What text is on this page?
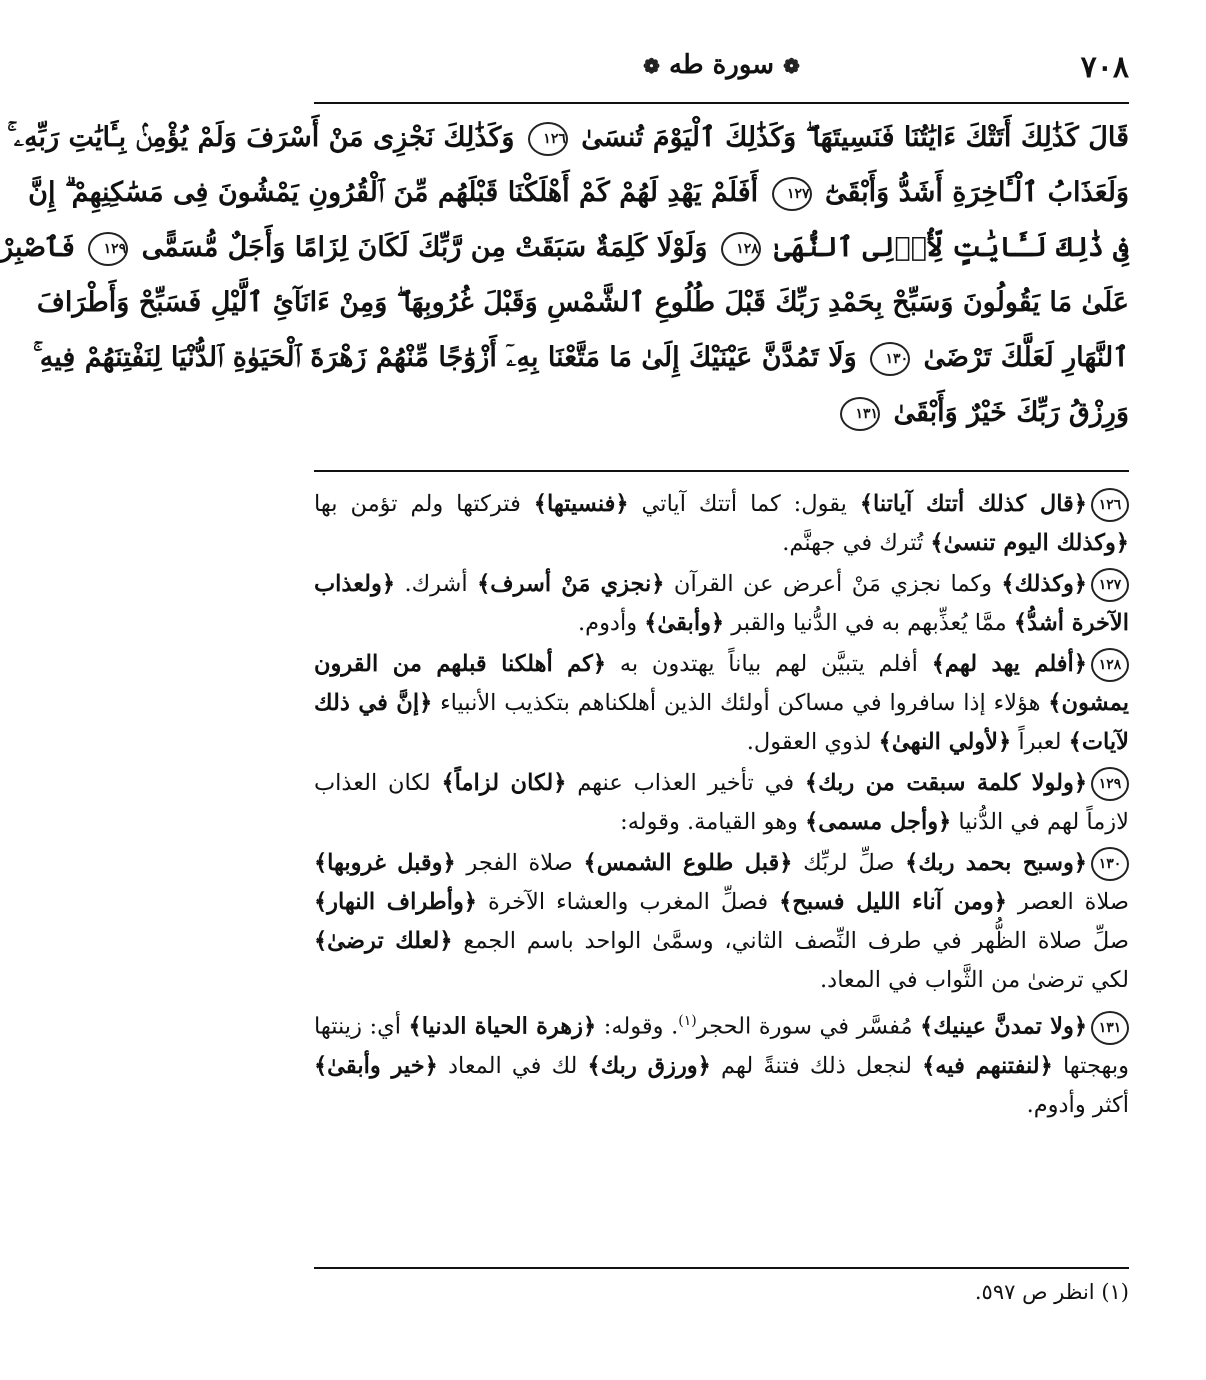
٧٠٨
❁ سورة طه ❁
قَالَ كَذَٰلِكَ أَتَتْكَ ءَايَٰتُنَا فَنَسِيتَهَا ۖ وَكَذَٰلِكَ ٱلْيَوْمَ تُنسَىٰ ١٢٦ وَكَذَٰلِكَ نَجْزِى مَنْ أَسْرَفَ وَلَمْ يُؤْمِنۢ بِـَٔايَٰتِ رَبِّهِۦ ۚ
وَلَعَذَابُ ٱلْـَٔاخِرَةِ أَشَدُّ وَأَبْقَىٰٓ ١٢٧ أَفَلَمْ يَهْدِ لَهُمْ كَمْ أَهْلَكْنَا قَبْلَهُم مِّنَ ٱلْقُرُونِ يَمْشُونَ فِى مَسَٰكِنِهِمْ ۗ إِنَّ
فِى ذَٰلِكَ لَـَٔايَٰتٍ لِّأُو۟لِى ٱلنُّهَىٰ ١٢٨ وَلَوْلَا كَلِمَةٌ سَبَقَتْ مِن رَّبِّكَ لَكَانَ لِزَامًا وَأَجَلٌ مُّسَمًّى ١٢٩ فَٱصْبِرْ
عَلَىٰ مَا يَقُولُونَ وَسَبِّحْ بِحَمْدِ رَبِّكَ قَبْلَ طُلُوعِ ٱلشَّمْسِ وَقَبْلَ غُرُوبِهَا ۖ وَمِنْ ءَانَآئِ ٱلَّيْلِ فَسَبِّحْ وَأَطْرَافَ
ٱلنَّهَارِ لَعَلَّكَ تَرْضَىٰ ١٣٠ وَلَا تَمُدَّنَّ عَيْنَيْكَ إِلَىٰ مَا مَتَّعْنَا بِهِۦٓ أَزْوَٰجًا مِّنْهُمْ زَهْرَةَ ٱلْحَيَوٰةِ ٱلدُّنْيَا لِنَفْتِنَهُمْ فِيهِ ۚ
وَرِزْقُ رَبِّكَ خَيْرٌ وَأَبْقَىٰ ١٣١

١٢٦﴿قال كذلك أتتك آياتنا﴾ يقول: كما أتتك آياتي ﴿فنسيتها﴾ فتركتها ولم تؤمن بها ﴿وكذلك اليوم تنسىٰ﴾ تُترك في جهنَّم.

١٢٧﴿وكذلك﴾ وكما نجزي مَنْ أعرض عن القرآن ﴿نجزي مَنْ أسرف﴾ أشرك. ﴿ولعذاب الآخرة أشدُّ﴾ ممَّا يُعذِّبهم به في الدُّنيا والقبر ﴿وأبقىٰ﴾ وأدوم.

١٢٨﴿أفلم يهد لهم﴾ أفلم يتبيَّن لهم بياناً يهتدون به ﴿كم أهلكنا قبلهم من القرون يمشون﴾ هؤلاء إذا سافروا في مساكن أولئك الذين أهلكناهم بتكذيب الأنبياء ﴿إنَّ في ذلك لآيات﴾ لعبراً ﴿لأولي النهىٰ﴾ لذوي العقول.

١٢٩﴿ولولا كلمة سبقت من ربك﴾ في تأخير العذاب عنهم ﴿لكان لزاماً﴾ لكان العذاب لازماً لهم في الدُّنيا ﴿وأجل مسمى﴾ وهو القيامة. وقوله:

١٣٠﴿وسبح بحمد ربك﴾ صلِّ لربِّك ﴿قبل طلوع الشمس﴾ صلاة الفجر ﴿وقبل غروبها﴾ صلاة العصر ﴿ومن آناء الليل فسبح﴾ فصلِّ المغرب والعشاء الآخرة ﴿وأطراف النهار﴾ صلِّ صلاة الظُّهر في طرف النِّصف الثاني، وسمَّىٰ الواحد باسم الجمع ﴿لعلك ترضىٰ﴾ لكي ترضىٰ من الثَّواب في المعاد.

١٣١﴿ولا تمدنَّ عينيك﴾ مُفسَّر في سورة الحجر$^{(١)}$. وقوله: ﴿زهرة الحياة الدنيا﴾ أي: زينتها وبهجتها ﴿لنفتنهم فيه﴾ لنجعل ذلك فتنةً لهم ﴿ورزق ربك﴾ لك في المعاد ﴿خير وأبقىٰ﴾ أكثر وأدوم.

(١) انظر ص ٥٩٧.
